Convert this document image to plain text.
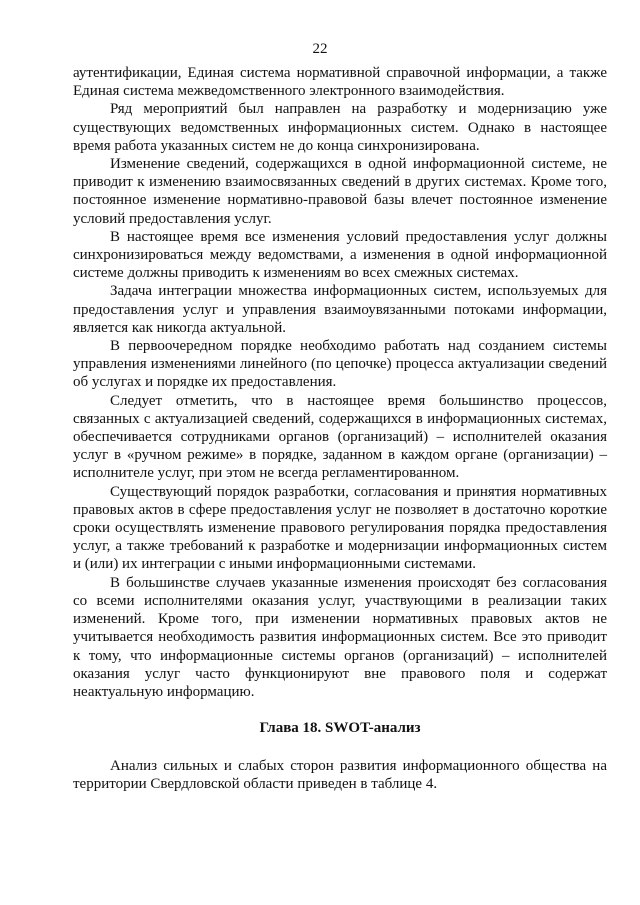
22

аутентификации, Единая система нормативной справочной информации, а также Единая система межведомственного электронного взаимодействия.

Ряд мероприятий был направлен на разработку и модернизацию уже существующих ведомственных информационных систем. Однако в настоящее время работа указанных систем не до конца синхронизирована.

Изменение сведений, содержащихся в одной информационной системе, не приводит к изменению взаимосвязанных сведений в других системах. Кроме того, постоянное изменение нормативно-правовой базы влечет постоянное изменение условий предоставления услуг.

В настоящее время все изменения условий предоставления услуг должны синхронизироваться между ведомствами, а изменения в одной информационной системе должны приводить к изменениям во всех смежных системах.

Задача интеграции множества информационных систем, используемых для предоставления услуг и управления взаимоувязанными потоками информации, является как никогда актуальной.

В первоочередном порядке необходимо работать над созданием системы управления изменениями линейного (по цепочке) процесса актуализации сведений об услугах и порядке их предоставления.

Следует отметить, что в настоящее время большинство процессов, связанных с актуализацией сведений, содержащихся в информационных системах, обеспечивается сотрудниками органов (организаций) – исполнителей оказания услуг в «ручном режиме» в порядке, заданном в каждом органе (организации) – исполнителе услуг, при этом не всегда регламентированном.

Существующий порядок разработки, согласования и принятия нормативных правовых актов в сфере предоставления услуг не позволяет в достаточно короткие сроки осуществлять изменение правового регулирования порядка предоставления услуг, а также требований к разработке и модернизации информационных систем и (или) их интеграции с иными информационными системами.

В большинстве случаев указанные изменения происходят без согласования со всеми исполнителями оказания услуг, участвующими в реализации таких изменений. Кроме того, при изменении нормативных правовых актов не учитывается необходимость развития информационных систем. Все это приводит к тому, что информационные системы органов (организаций) – исполнителей оказания услуг часто функционируют вне правового поля и содержат неактуальную информацию.

Глава 18. SWOT-анализ

Анализ сильных и слабых сторон развития информационного общества на территории Свердловской области приведен в таблице 4.
